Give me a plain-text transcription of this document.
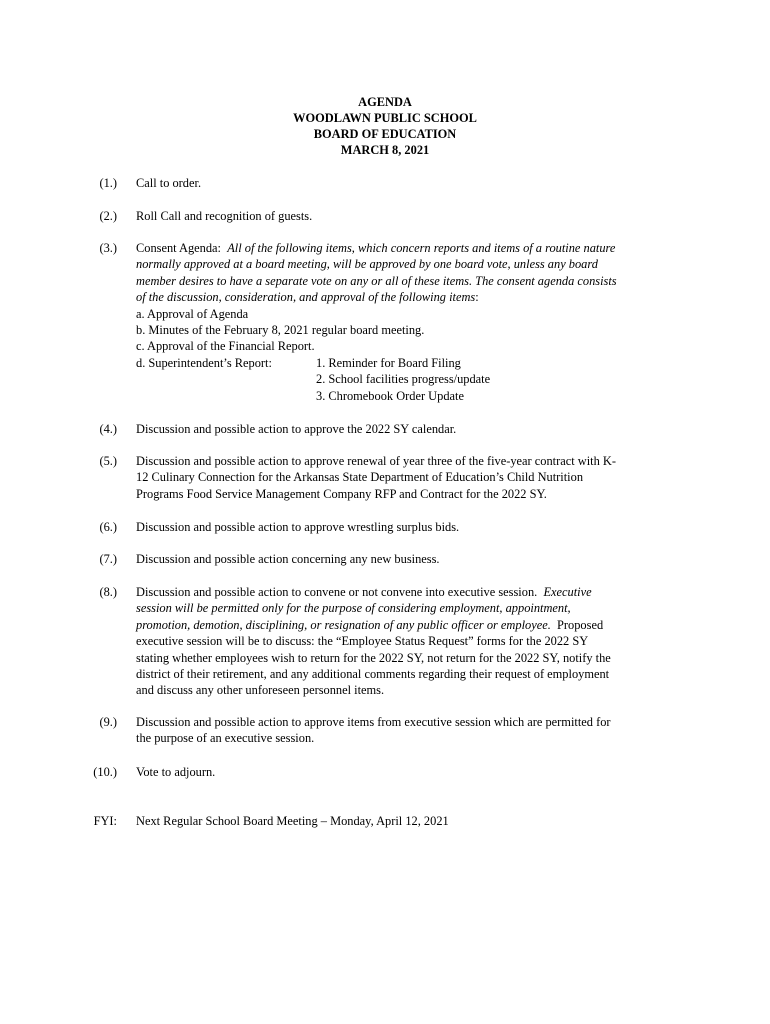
AGENDA
WOODLAWN PUBLIC SCHOOL
BOARD OF EDUCATION
MARCH 8, 2021
(1.) Call to order.
(2.) Roll Call and recognition of guests.
(3.) Consent Agenda: All of the following items, which concern reports and items of a routine nature
normally approved at a board meeting, will be approved by one board vote, unless any board
member desires to have a separate vote on any or all of these items. The consent agenda consists
of the discussion, consideration, and approval of the following items:
a. Approval of Agenda
b. Minutes of the February 8, 2021 regular board meeting.
c. Approval of the Financial Report.
d. Superintendent’s Report:	1. Reminder for Board Filing
2. School facilities progress/update
3. Chromebook Order Update
(4.) Discussion and possible action to approve the 2022 SY calendar.
(5.) Discussion and possible action to approve renewal of year three of the five-year contract with K-
12 Culinary Connection for the Arkansas State Department of Education’s Child Nutrition
Programs Food Service Management Company RFP and Contract for the 2022 SY.
(6.) Discussion and possible action to approve wrestling surplus bids.
(7.) Discussion and possible action concerning any new business.
(8.) Discussion and possible action to convene or not convene into executive session. Executive
session will be permitted only for the purpose of considering employment, appointment,
promotion, demotion, disciplining, or resignation of any public officer or employee. Proposed
executive session will be to discuss: the “Employee Status Request” forms for the 2022 SY
stating whether employees wish to return for the 2022 SY, not return for the 2022 SY, notify the
district of their retirement, and any additional comments regarding their request of employment
and discuss any other unforeseen personnel items.
(9.) Discussion and possible action to approve items from executive session which are permitted for
the purpose of an executive session.
(10.) Vote to adjourn.
FYI: Next Regular School Board Meeting – Monday, April 12, 2021
